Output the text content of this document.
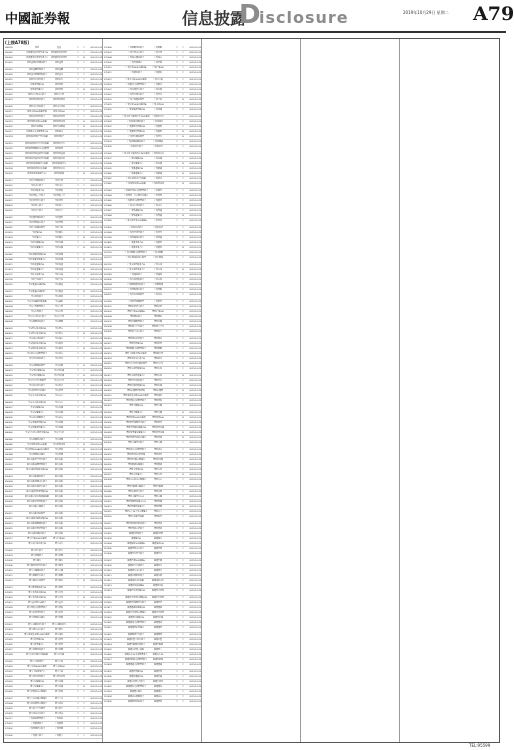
中國証券報	信息披露
D
isclosure	2019年10月29日 星期二 A79
(上接A78版)
008120	国泰	基金	Y	Y	2019-10-29
000362	国泰聚信价值优势混合A	国泰聚信价值优势	Y	Y	2019-10-29
000363	国泰聚信价值优势混合C	国泰聚信价值优势	Y	N	2019-10-29
519021	国泰金鼎价值精选混合	国泰金鼎	Y	Y	2019-10-29
020010	国泰金鹏蓝筹混合	国泰金鹏	Y	Y	2019-10-29
020005	国泰金马稳健回报混合	国泰金马	Y	Y	2019-10-29
020015	国泰区位优势混合	国泰区位	Y	Y	2019-10-29
020019	国泰双利债券A	国泰双利	Y	Y	2019-10-29
020020	国泰双利债券C	国泰双利	Y	N	2019-10-29
020022	国泰中小盘成长混合	国泰中小盘	Y	Y	2019-10-29
020023	国泰事件驱动混合	国泰事件驱动	Y	Y	2019-10-29
020026	国泰成长优选混合	国泰成长优选	Y	Y	2019-10-29
160211	国泰中证500指数增强	国泰中证500	Y	Y	2019-10-29
160212	国泰估值优势混合	国泰估值优势	Y	Y	2019-10-29
160213	国泰纳斯达克100指数	国泰纳斯达克	Y	N	2019-10-29
160216	国泰大宗商品	国泰大宗商品	Y	N	2019-10-29
160217	国泰民益灵活配置混合A	国泰民益	Y	Y	2019-10-29
160218	国泰国证房地产行业指数	国泰房地产	Y	Y	2019-10-29
160219	国泰国证医药卫生行业指数	国泰医药卫生	Y	Y	2019-10-29
160220	国泰民利策略收益灵活配置	国泰民利	Y	Y	2019-10-29
160221	国泰国证有色金属行业指数	国泰有色金属	Y	Y	2019-10-29
160222	国泰国证食品饮料行业指数	国泰食品饮料	Y	Y	2019-10-29
160223	国泰国证新能源汽车指数	国泰新能源汽车	Y	Y	2019-10-29
160224	国泰国证信息技术指数	国泰信息技术	Y	Y	2019-10-29
160225	国泰国证新能源汽车C	国泰新能源	Y	N	2019-10-29
000011	华夏大盘精选混合	华夏大盘	Y	Y	2019-10-29
000001	华夏成长混合	华夏成长	Y	Y	2019-10-29
002001	华夏回报混合A	华夏回报	Y	Y	2019-10-29
002021	华夏回报二号混合	华夏回报二号	Y	Y	2019-10-29
000021	华夏优势增长混合	华夏优势	Y	Y	2019-10-29
288002	华夏收入混合	华夏收入	Y	Y	2019-10-29
000031	华夏复兴混合	华夏复兴	Y	Y	2019-10-29
000061	华夏盛世精选混合	华夏盛世	Y	Y	2019-10-29
160311	华夏蓝筹核心混合	华夏蓝筹	Y	Y	2019-10-29
000041	华夏全球精选股票	华夏全球	Y	N	2019-10-29
001001	华夏债券A	华夏债券	Y	Y	2019-10-29
001003	华夏债券C	华夏债券	Y	N	2019-10-29
000015	华夏纯债债券A	华夏纯债	Y	Y	2019-10-29
000016	华夏纯债债券C	华夏纯债	Y	N	2019-10-29
000047	华夏双债增强债券A	华夏双债	Y	Y	2019-10-29
000048	华夏双债增强债券C	华夏双债	Y	N	2019-10-29
001011	华夏希望债券A	华夏希望	Y	Y	2019-10-29
001013	华夏希望债券C	华夏希望	Y	N	2019-10-29
000121	华夏永福混合A	华夏永福	Y	Y	2019-10-29
000196	华夏兴和混合	华夏兴和	Y	Y	2019-10-29
000216	华安黄金ETF联接A	华安黄金	Y	Y	2019-10-29
000217	华安黄金ETF联接C	华安黄金	Y	N	2019-10-29
040001	华安创新混合	华安创新	Y	Y	2019-10-29
040002	华安中国A股增强指数	华安A股	Y	Y	2019-10-29
040004	华安宝利配置混合	华安宝利	Y	Y	2019-10-29
040005	华安宏利混合	华安宏利	Y	Y	2019-10-29
040007	华安中小盘成长混合	华安中小盘	Y	Y	2019-10-29
040008	华安策略优选混合	华安策略	Y	Y	2019-10-29
040009	华安稳定收益债券A	华安稳定	Y	Y	2019-10-29
040010	华安稳定收益债券B	华安稳定	Y	N	2019-10-29
040011	华安核心优选混合	华安核心	Y	Y	2019-10-29
040012	华安强化收益债券A	华安强化	Y	Y	2019-10-29
040013	华安强化收益债券B	华安强化	Y	N	2019-10-29
040015	华安动态灵活配置混合	华安动态	Y	Y	2019-10-29
040016	华安行业轮动混合	华安行业	Y	Y	2019-10-29
040018	华安香港精选股票	华安香港	Y	N	2019-10-29
040019	华安可转债债券A	华安可转债	Y	Y	2019-10-29
040020	华安可转债债券B	华安可转债	Y	N	2019-10-29
040021	华安大中华升级股票	华安大中华	Y	N	2019-10-29
040022	华安科技动力混合	华安科技	Y	Y	2019-10-29
040023	华安信用四季红债券	华安信用	Y	Y	2019-10-29
040025	华安安心收益债券A	华安安心	Y	Y	2019-10-29
040026	华安安心收益债券B	华安安心	Y	N	2019-10-29
040027	华安纯债债券A	华安纯债	Y	Y	2019-10-29
040028	华安纯债债券C	华安纯债	Y	N	2019-10-29
040035	华安逆向策略混合	华安逆向	Y	Y	2019-10-29
040036	华安双债添利债券A	华安双债	Y	Y	2019-10-29
040037	华安双债添利债券C	华安双债	Y	N	2019-10-29
040040	华安年年红定期开放债券A	华安年年红	Y	Y	2019-10-29
040045	华安添颐养老混合	华安添颐	Y	Y	2019-10-29
040046	华安纳斯达克100指数	华安纳斯达克	Y	N	2019-10-29
040047	华安德国30(DAX)ETF联接	华安德国	Y	N	2019-10-29
040048	华安稳固收益债券	华安稳固	Y	Y	2019-10-29
000067	民生加银景气行业混合	民生加银	Y	Y	2019-10-29
690001	民生加银品牌蓝筹混合	民生加银	Y	Y	2019-10-29
690002	民生加银增强收益债券A	民生加银	Y	Y	2019-10-29
690003	民生加银精选混合	民生加银	Y	Y	2019-10-29
690004	民生加银稳健成长混合	民生加银	Y	Y	2019-10-29
690005	民生加银内需增长混合	民生加银	Y	Y	2019-10-29
690007	民生加银信用双利债券A	民生加银	Y	Y	2019-10-29
690008	民生加银中证内地资源指数	民生加银	Y	Y	2019-10-29
690009	民生加银红利回报混合	民生加银	Y	Y	2019-10-29
690010	民生加银主题混合	民生加银	Y	Y	2019-10-29
690011	民生加银优选股票	民生加银	Y	Y	2019-10-29
690012	民生加银转债优选债券A	民生加银	Y	Y	2019-10-29
690013	民生加银策略精选混合	民生加银	Y	Y	2019-10-29
690015	民生加银平稳增利混合	民生加银	Y	Y	2019-10-29
690016	民生加银城镇化混合	民生加银	Y	Y	2019-10-29
000111	嘉实沪深300ETF联接	嘉实沪深300	Y	Y	2019-10-29
070001	嘉实成长收益混合A	嘉实成长	Y	Y	2019-10-29
070002	嘉实增长混合	嘉实增长	Y	Y	2019-10-29
070003	嘉实稳健混合	嘉实稳健	Y	Y	2019-10-29
070005	嘉实债券	嘉实债券	Y	Y	2019-10-29
070006	嘉实服务增值行业混合	嘉实服务	Y	Y	2019-10-29
070010	嘉实主题精选混合	嘉实主题	Y	Y	2019-10-29
070011	嘉实策略增长混合	嘉实策略	Y	Y	2019-10-29
070012	嘉实海外中国股票	嘉实海外	Y	N	2019-10-29
070013	嘉实研究精选混合A	嘉实研究	Y	Y	2019-10-29
070015	嘉实多元收益债券A	嘉实多元	Y	Y	2019-10-29
070016	嘉实多元收益债券B	嘉实多元	Y	N	2019-10-29
070017	嘉实量化阿尔法混合	嘉实量化	Y	Y	2019-10-29
070018	嘉实回报灵活配置混合	嘉实回报	Y	Y	2019-10-29
070019	嘉实价值优势混合	嘉实价值	Y	Y	2019-10-29
070020	嘉实稳固收益债券	嘉实稳固	Y	Y	2019-10-29
070021	嘉实主题新动力混合	嘉实主题新动力	Y	Y	2019-10-29
070022	嘉实领先成长混合	嘉实领先	Y	Y	2019-10-29
070023	嘉实深证基本面120ETF联接	嘉实深证	Y	Y	2019-10-29
070025	嘉实信用债券A	嘉实信用	Y	Y	2019-10-29
070026	嘉实信用债券C	嘉实信用	Y	N	2019-10-29
070027	嘉实周期优选混合	嘉实周期	Y	Y	2019-10-29
070028	嘉实中证中期企业债指数	嘉实企业债	Y	Y	2019-10-29
070029	嘉实全球房地产	嘉实全球	Y	N	2019-10-29
070030	嘉实中创400ETF联接	嘉实中创400	Y	Y	2019-10-29
070031	嘉实全球房地产C	嘉实全球	Y	N	2019-10-29
070032	嘉实优化红利混合	嘉实优化红利	Y	Y	2019-10-29
070033	嘉实纯债债券A	嘉实纯债	Y	Y	2019-10-29
070035	嘉实纯债债券C	嘉实纯债	Y	N	2019-10-29
070036	嘉实增强收益定期债券	嘉实增强	Y	Y	2019-10-29
070037	嘉实丰益纯债定期债券	嘉实丰益	Y	Y	2019-10-29
070038	嘉实对冲套利定期混合	嘉实对冲	Y	Y	2019-10-29
070039	嘉实新兴产业股票	嘉实新兴	Y	Y	2019-10-29
070099	嘉实优质企业混合	嘉实优质	Y	Y	2019-10-29
000117	广发轮动配置混合	广发轮动	Y	Y	2019-10-29
270001	广发聚富混合	广发聚富	Y	Y	2019-10-29
270002	广发稳健增长混合	广发稳健	Y	Y	2019-10-29
270005	广发聚丰混合	广发聚丰	Y	Y	2019-10-29
270006	广发策略优选混合	广发策略	Y	Y	2019-10-29
270007	广发大盘成长混合	广发大盘	Y	Y	2019-10-29
270008	广发核心精选混合	广发核心	Y	Y	2019-10-29
270009	广发增强债券	广发增强	Y	Y	2019-10-29
270010	广发沪深300ETF联接A	广发沪深300	Y	Y	2019-10-29
270011	广发聚瑞混合	广发聚瑞	Y	Y	2019-10-29
270012	广发中小板300ETF联接	广发中小板	Y	Y	2019-10-29
270014	广发聚祥灵活配置混合	广发聚祥	Y	Y	2019-10-29
270021	广发内需增长混合	广发内需	Y	Y	2019-10-29
270022	广发行业领先混合	广发行业	Y	Y	2019-10-29
270023	广发全球精选股票	广发全球	Y	N	2019-10-29
270025	广发中证500ETF联接A	广发中证500	Y	Y	2019-10-29
270026	广发双债添利债券A	广发双债	Y	Y	2019-10-29
270027	广发中证全指医药卫生ETF联接	广发医药卫生	Y	Y	2019-10-29
270028	广发制造业精选混合	广发制造业	Y	Y	2019-10-29
270029	广发聚财信用债券A	广发聚财	Y	Y	2019-10-29
270030	广发聚财信用债券B	广发聚财	Y	N	2019-10-29
270031	广发亚太精选股票	广发亚太	Y	N	2019-10-29
270033	广发消费品精选混合	广发消费品	Y	Y	2019-10-29
270035	广发新动力混合	广发新动力	Y	Y	2019-10-29
270036	广发中证全指信息技术ETF联接	广发信息技术	Y	Y	2019-10-29
270037	广发纯债债券A	广发纯债	Y	Y	2019-10-29
270038	广发纯债债券C	广发纯债	Y	N	2019-10-29
270039	广发聚鑫债券A	广发聚鑫	Y	Y	2019-10-29
270040	广发聚鑫债券C	广发聚鑫	Y	N	2019-10-29
270041	广发中证养老产业指数	广发养老	Y	Y	2019-10-29
270042	广发纳斯达克100指数	广发纳斯达克	Y	N	2019-10-29
270043	广发趋势优选灵活配置混合	广发趋势	Y	Y	2019-10-29
270044	广发集利一年定期开放债券	广发集利	Y	Y	2019-10-29
270045	广发聚优灵活配置混合	广发聚优	Y	Y	2019-10-29
270046	广发成长优选混合	广发成长	Y	Y	2019-10-29
270047	广发集鑫债券A	广发集鑫	Y	Y	2019-10-29
270048	广发集鑫债券C	广发集鑫	Y	N	2019-10-29
270049	广发中证百发100指数A	广发百发	Y	Y	2019-10-29
270050	广发新经济混合	广发新经济	Y	Y	2019-10-29
001064	广发竞争优势混合	广发竞争	Y	Y	2019-10-29
001180	广发稳鑫保本混合	广发稳鑫	Y	Y	2019-10-29
001469	广发聚泰混合A	广发聚泰	Y	Y	2019-10-29
001470	广发聚泰混合C	广发聚泰	Y	N	2019-10-29
001763	广发多策略灵活配置混合	广发多策略	Y	Y	2019-10-29
002107	广发沪港深新起点股票	广发沪港深	Y	Y	2019-10-29
002132	广发安泽回报混合A	广发安泽	Y	Y	2019-10-29
002133	广发安泽回报混合C	广发安泽	Y	N	2019-10-29
002183	广发鑫享混合	广发鑫享	Y	Y	2019-10-29
003596	广发安悦回报混合	广发安悦	Y	Y	2019-10-29
004784	广发港股通优选混合	广发港股通	Y	Y	2019-10-29
005223	广发睿毅领先混合	广发睿毅	Y	Y	2019-10-29
006525	广发高端制造股票	广发高端	Y	Y	2019-10-29
007300	广发医疗保健股票	广发医疗	Y	Y	2019-10-29
050001	博时价值增长混合	博时价值	Y	Y	2019-10-29
050002	博时沪深300指数A	博时沪深300	Y	Y	2019-10-29
050004	博时精选混合	博时精选	Y	Y	2019-10-29
050007	博时平衡配置混合	博时平衡	Y	Y	2019-10-29
050008	博时第三产业混合	博时第三产业	Y	Y	2019-10-29
050009	博时新兴成长混合	博时新兴	Y	Y	2019-10-29
050010	博时特许价值混合	博时特许	Y	Y	2019-10-29
050011	博时信用债券A	博时信用	Y	Y	2019-10-29
050012	博时策略灵活配置混合	博时策略	Y	Y	2019-10-29
050013	博时上证超大盘ETF联接	博时超大盘	Y	Y	2019-10-29
050014	博时创业成长混合A	博时创业	Y	Y	2019-10-29
050015	博时大中华亚太精选股票	博时大中华	Y	N	2019-10-29
050016	博时宏观回报债券A	博时宏观	Y	Y	2019-10-29
050017	博时宏观回报债券C	博时宏观	Y	N	2019-10-29
050018	博时行业轮动混合	博时行业	Y	Y	2019-10-29
050019	博时转债增强债券A	博时转债	Y	Y	2019-10-29
050020	博时抗通胀增强回报	博时抗通胀	Y	N	2019-10-29
050021	博时深证基本面200ETF联接	博时深证	Y	Y	2019-10-29
050022	博时回报灵活配置混合	博时回报	Y	Y	2019-10-29
050023	博时天颐债券A	博时天颐	Y	Y	2019-10-29
050024	博时天颐债券C	博时天颐	Y	N	2019-10-29
050025	博时标普500ETF联接	博时标普500	Y	N	2019-10-29
050026	博时医疗保健行业混合	博时医疗	Y	Y	2019-10-29
050027	博时信用债纯债债券A	博时信用纯债	Y	Y	2019-10-29
050028	博时信用债纯债债券C	博时信用纯债	Y	N	2019-10-29
050029	博时亚洲票息收益债券	博时亚洲	Y	N	2019-10-29
050030	博时主题行业混合	博时主题	Y	Y	2019-10-29
050031	博时裕益灵活配置混合	博时裕益	Y	Y	2019-10-29
050032	博时优势收益信用债	博时优势	Y	Y	2019-10-29
050033	博时双月薪定期债券	博时双月薪	Y	Y	2019-10-29
050035	博时聚润纯债债券	博时聚润	Y	Y	2019-10-29
050036	博时安盈债券A	博时安盈	Y	Y	2019-10-29
050037	博时安盈债券C	博时安盈	Y	N	2019-10-29
050038	博时安心收益定期债券	博时安心	Y	Y	2019-10-29
050039	博时互联网主题混合	博时互联网	Y	Y	2019-10-29
050040	博时内需增长混合	博时内需	Y	Y	2019-10-29
160505	博时主题行业LOF	博时主题	Y	Y	2019-10-29
160512	博时稳健回报债券LOF	博时稳健	Y	Y	2019-10-29
160513	博时稳健回报债券C	博时稳健	Y	N	2019-10-29
160515	博时安丰18个月定期债券	博时安丰	Y	Y	2019-10-29
160516	博时中证银行指数	博时银行	Y	Y	2019-10-29
160517	博时睿远事件驱动混合	博时睿远	Y	Y	2019-10-29
160518	博时睿远定增混合	博时睿远	Y	Y	2019-10-29
161601	融通新蓝筹混合	融通新蓝筹	Y	Y	2019-10-29
161603	融通债券A	融通债券	Y	Y	2019-10-29
161604	融通深证100指数A	融通深证100	Y	Y	2019-10-29
161605	融通蓝筹成长混合	融通蓝筹	Y	Y	2019-10-29
161606	融通行业景气混合	融通行业	Y	Y	2019-10-29
161607	融通巨潮100指数A	融通巨潮	Y	Y	2019-10-29
161609	融通动力先锋混合	融通动力	Y	Y	2019-10-29
161610	融通领先成长混合	融通领先	Y	Y	2019-10-29
161611	融通内需驱动混合	融通内需	Y	Y	2019-10-29
161612	融通深证成份指数	融通深证成份	Y	Y	2019-10-29
161613	融通创业板指数A	融通创业板	Y	Y	2019-10-29
161614	融通四季添利债券A	融通四季添利	Y	Y	2019-10-29
161615	融通岁岁添利定期债券A	融通岁岁添利	Y	Y	2019-10-29
161616	融通医疗保健行业混合	融通医疗	Y	Y	2019-10-29
161617	融通通源短融债券A	融通通源	Y	Y	2019-10-29
161618	融通月月添利定期债券	融通月月添利	Y	Y	2019-10-29
161619	融通可转债债券A	融通可转债	Y	Y	2019-10-29
161620	融通通泽灵活配置混合	融通通泽	Y	Y	2019-10-29
161621	融通通利系列债券	融通通利	Y	Y	2019-10-29
161622	融通健康产业混合	融通健康	Y	Y	2019-10-29
161623	融通转型三动力混合	融通转型	Y	Y	2019-10-29
161624	融通互联网传媒混合	融通互联网	Y	Y	2019-10-29
161625	融通中证军工指数	融通军工	Y	Y	2019-10-29
161626	融通成长30灵活配置混合	融通成长30	Y	Y	2019-10-29
161627	融通新能源灵活配置混合	融通新能源	Y	Y	2019-10-29
161628	融通通鑫灵活配置混合	融通通鑫	Y	Y	2019-10-29
161629	融通增利债券A	融通增利	Y	Y	2019-10-29
161630	融通增鑫债券A	融通增鑫	Y	Y	2019-10-29
161631	融通中国风1号混合	融通中国风	Y	Y	2019-10-29
161632	融通通和灵活配置混合	融通通和	Y	Y	2019-10-29
161633	融通通安债券	融通通安	Y	Y	2019-10-29
161634	融通逆向策略混合	融通逆向	Y	Y	2019-10-29
161635	融通研究优选混合	融通研究	Y	Y	2019-10-29
TEL:95599
